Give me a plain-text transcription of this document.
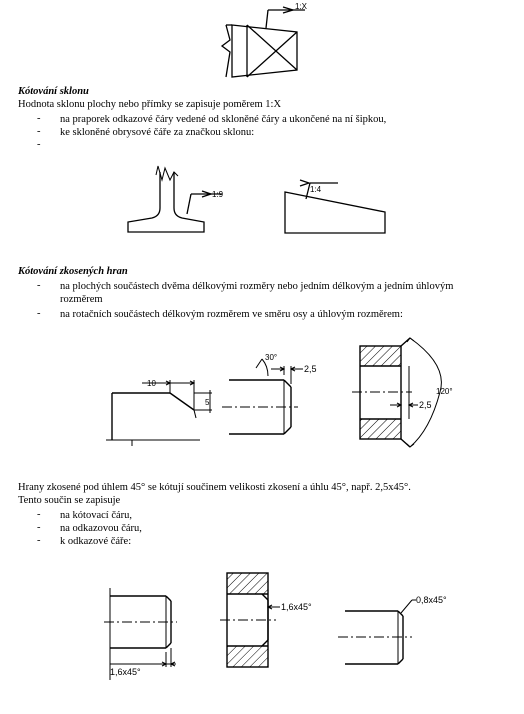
1:X
Kótování sklonu
Hodnota sklonu plochy nebo přímky se zapisuje poměrem 1:X
- na praporek odkazové čáry vedené od skloněné čáry a ukončené na ní šipkou,
- ke skloněné obrysové čáře za značkou sklonu:
-
1:9
1:4
Kótování zkosených hran
- na plochých součástech dvěma délkovými rozměry nebo jedním délkovým a jedním úhlovým
rozměrem
- na rotačních součástech délkovým rozměrem ve směru osy a úhlovým rozměrem:
10
5
30°
2,5
120°
2,5
Hrany zkosené pod úhlem 45° se kótují součinem velikosti zkosení a úhlu 45°, např. 2,5x45°.
Tento součin se zapisuje
- na kótovací čáru,
- na odkazovou čáru,
- k odkazové čáře:
1,6x45°
1,6x45°
0,8x45°
